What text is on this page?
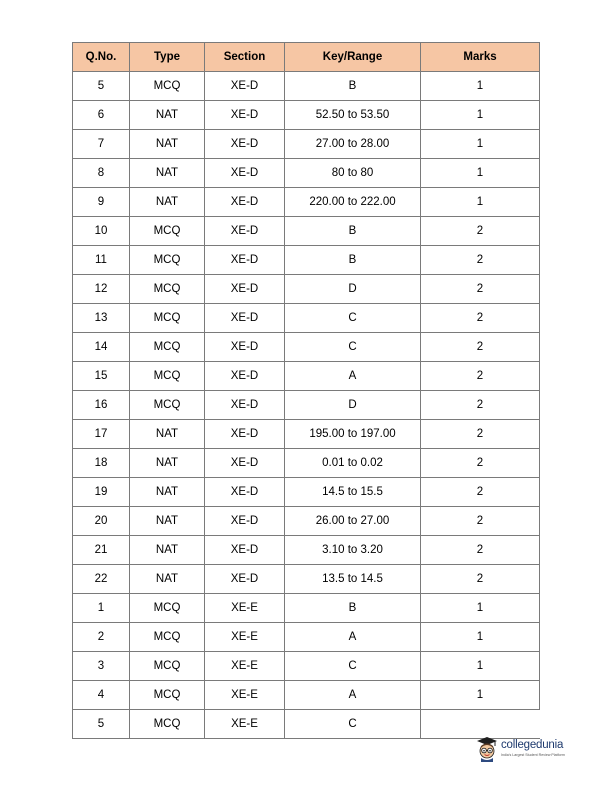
Q.No.	Type	Section	Key/Range	Marks
5	MCQ	XE-D	B	1
6	NAT	XE-D	52.50 to 53.50	1
7	NAT	XE-D	27.00 to 28.00	1
8	NAT	XE-D	80 to 80	1
9	NAT	XE-D	220.00 to 222.00	1
10	MCQ	XE-D	B	2
11	MCQ	XE-D	B	2
12	MCQ	XE-D	D	2
13	MCQ	XE-D	C	2
14	MCQ	XE-D	C	2
15	MCQ	XE-D	A	2
16	MCQ	XE-D	D	2
17	NAT	XE-D	195.00 to 197.00	2
18	NAT	XE-D	0.01 to 0.02	2
19	NAT	XE-D	14.5 to 15.5	2
20	NAT	XE-D	26.00 to 27.00	2
21	NAT	XE-D	3.10 to 3.20	2
22	NAT	XE-D	13.5 to 14.5	2
1	MCQ	XE-E	B	1
2	MCQ	XE-E	A	1
3	MCQ	XE-E	C	1
4	MCQ	XE-E	A	1
5	MCQ	XE-E	C	
collegedunia
India's Largest Student Review Platform
